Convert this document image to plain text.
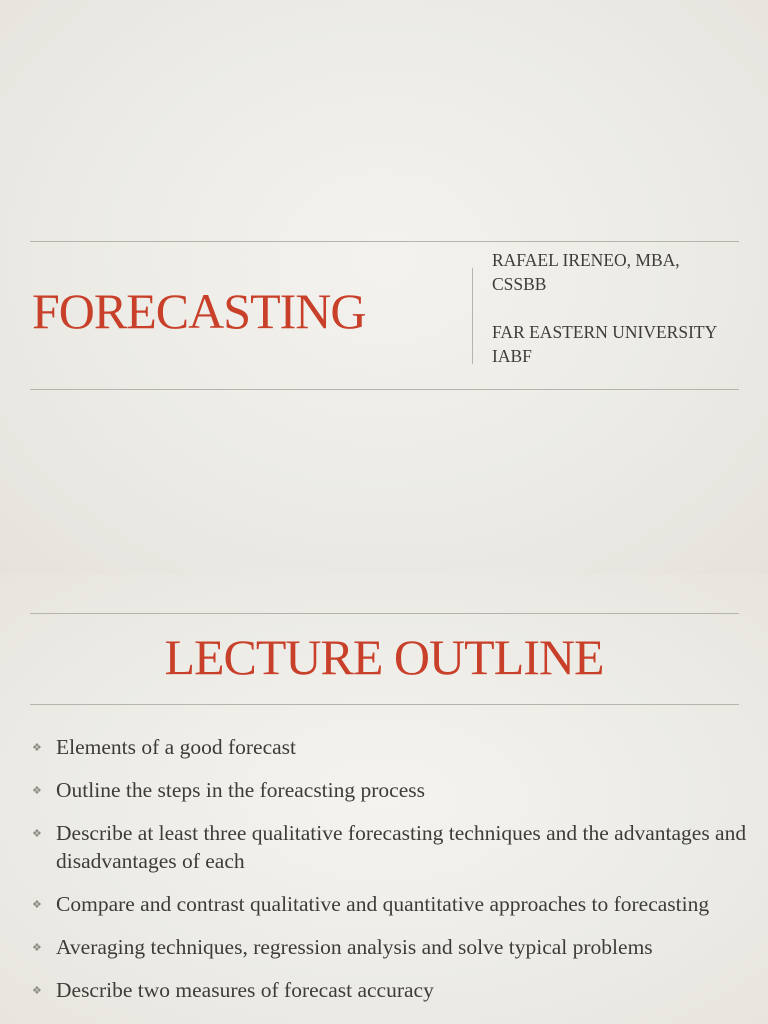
FORECASTING
RAFAEL IRENEO, MBA,
CSSBB
FAR EASTERN UNIVERSITY
IABF
LECTURE OUTLINE
❖ Elements of a good forecast
❖ Outline the steps in the foreacsting process
❖ Describe at least three qualitative forecasting techniques and the advantages and disadvantages of each
❖ Compare and contrast qualitative and quantitative approaches to forecasting
❖ Averaging techniques, regression analysis and solve typical problems
❖ Describe two measures of forecast accuracy
